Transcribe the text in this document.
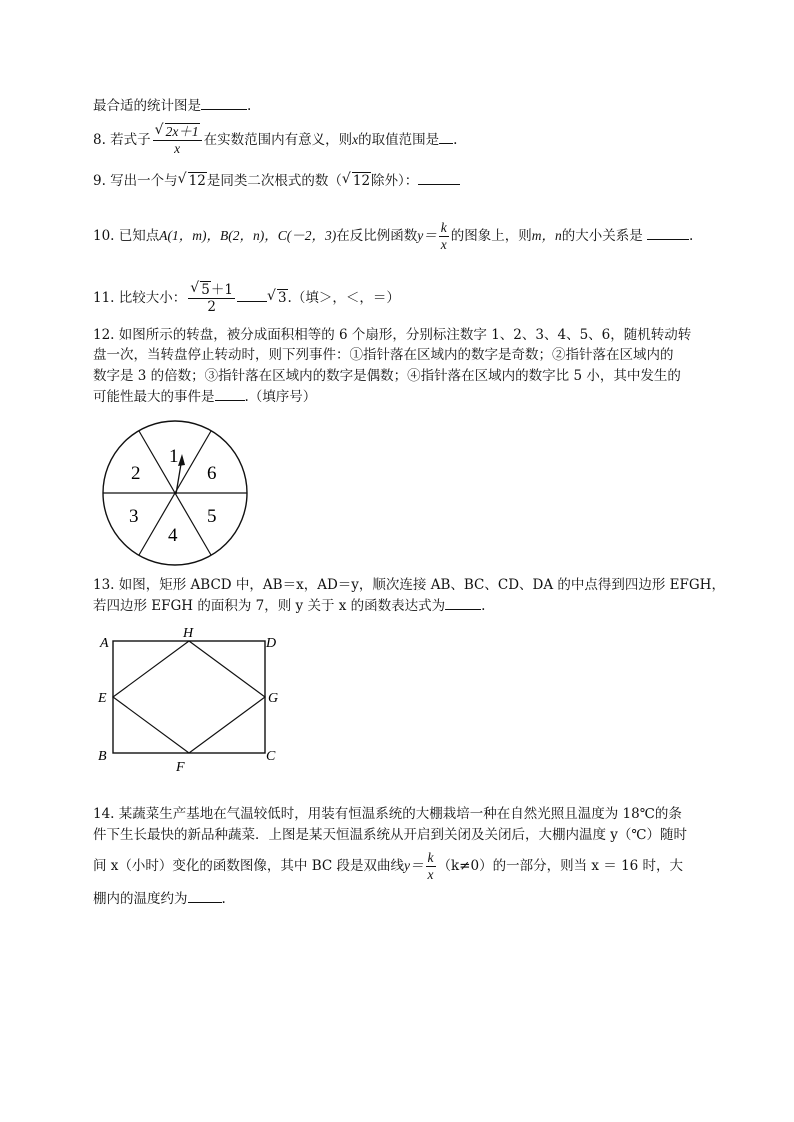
最合适的统计图是	.
8. 若式子 √ $\frac{2x+1}{x}$ 在实数范围内有意义，则x的取值范围是 .
9. 写出一个与 √ 12是同类二次根式的数（ √ 12除外）：
10. 已知点A(1，m)，B(2，n)，C(－2，3)在反比例函数$y= \frac{k}{x}$ 的图象上，则m，n的大小关系是	.
11. 比较大小： √ $\frac{5+1}{2}$	√ 3.（填＞，＜，＝）
12. 如图所示的转盘，被分成面积相等的 6 个扇形，分别标注数字 1、2、3、4、5、6，随机转动转
盘一次，当转盘停止转动时，则下列事件：①指针落在区域内的数字是奇数；②指针落在区域内的
数字是 3 的倍数；③指针落在区域内的数字是偶数；④指针落在区域内的数字比 5 小，其中发生的
可能性最大的事件是 .（填序号）
1
2
3
4
5
6
13. 如图，矩形 ABCD 中，AB＝x，AD＝y，顺次连接 AB、BC、CD、DA 的中点得到四边形 EFGH，
若四边形 EFGH 的面积为 7，则 y 关于 x 的函数表达式为	.
A
H
D
E	G
B
F
C
14. 某蔬菜生产基地在气温较低时，用装有恒温系统的大棚栽培一种在自然光照且温度为 18℃的条
件下生长最快的新品种蔬菜．上图是某天恒温系统从开启到关闭及关闭后，大棚内温度 y（℃）随时
间 x（小时）变化的函数图像，其中 BC 段是双曲线$y= \frac{k}{x} (k\ne 0)$的一部分，则当 x ＝ 16 时，大
棚内的温度约为	.
